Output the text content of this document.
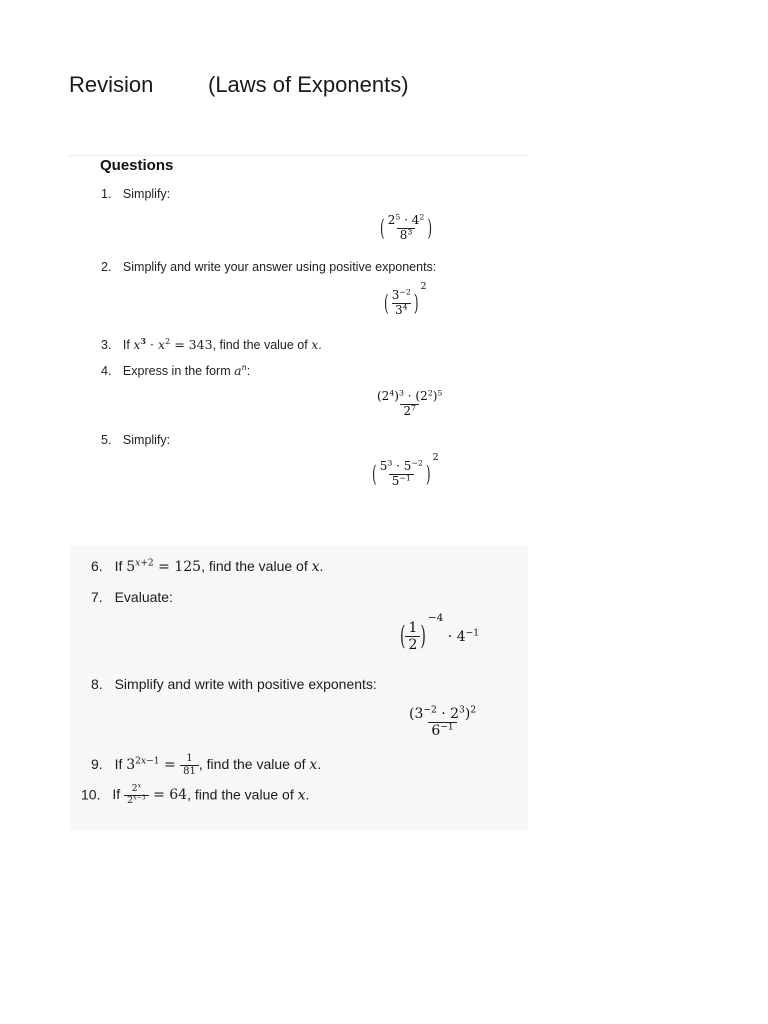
Revision (Laws of Exponents)
Questions
1. Simplify:
( $\frac{2^5 \cdot 4^2}{8^3}$ )
2. Simplify and write your answer using positive exponents:
( $\frac{3^{-2}}{3^4} )^2$
3. If $x^3 \cdot x^2 = 343$, find the value of x.
4. Express in the form $a^n$:
$\frac{(2^4)^3 \cdot (2^2)^5}{2^7}$
5. Simplify:
( $\frac{5^3 \cdot 5^{-2}}{5^{-1}} )^2$
6. If $5^{x+2} = 125$, find the value of x.
7. Evaluate:
( $\frac{1}{2} )^{-4} \cdot 4^{-1}$
8. Simplify and write with positive exponents:
$\frac{(3^{-2} \cdot 2^3)^2}{6^{-1}}$
9. If $3^{2x-1} = \frac{1}{81}$ , find the value of x.
10. If $\frac{2^x}{2^{x-3}} = 64$, find the value of x.
